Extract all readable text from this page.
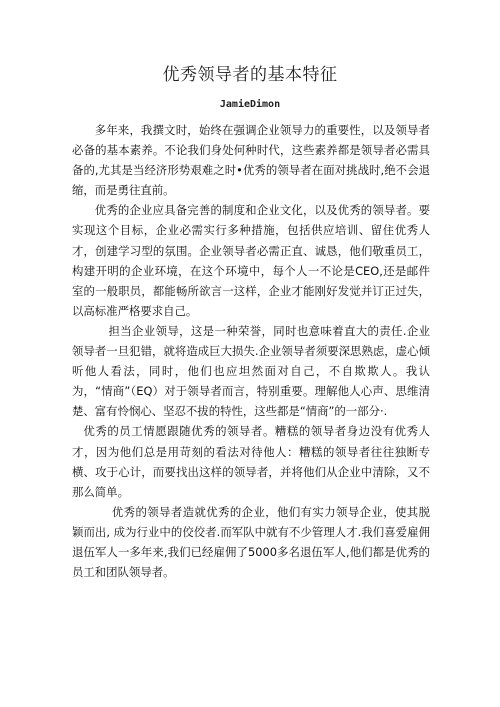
优秀领导者的基本特征
JamieDimon

多年来，我撰文时，始终在强调企业领导力的重要性，以及领导者必备的基本素养。不论我们身处何种时代，这些素养都是领导者必需具备的,尤其是当经济形势艰难之时•优秀的领导者在面对挑战时,绝不会退缩，而是勇往直前。

优秀的企业应具备完善的制度和企业文化，以及优秀的领导者。要实现这个目标，企业必需实行多种措施，包括供应培训、留住优秀人才，创建学习型的氛围。企业领导者必需正直、诚恳，他们敬重员工，构建开明的企业环境，在这个环境中，每个人一不论是CEO,还是邮件室的一般职员，都能畅所欲言一这样，企业才能刚好发觉并订正过失，以高标准严格要求自己。

担当企业领导，这是一种荣誉，同时也意味着直大的责任.企业领导者一旦犯错，就将造成巨大损失.企业领导者须要深思熟虑，虚心倾听他人看法，同时，他们也应坦然面对自己，不自欺欺人。我认为，“情商”（EQ）对于领导者而言，特别重要。理解他人心声、思维清楚、富有怜悯心、坚忍不拔的特性，这些都是“情商”的一部分·.

优秀的员工情愿跟随优秀的领导者。糟糕的领导者身边没有优秀人才，因为他们总是用苛刻的看法对待他人：糟糕的领导者往往独断专横、攻于心计，而要找出这样的领导者，并将他们从企业中清除，又不那么简单。

优秀的领导者造就优秀的企业，他们有实力领导企业，使其脱颖而出, 成为行业中的佼佼者.而军队中就有不少管理人才.我们喜爱雇佣退伍军人一多年来,我们已经雇佣了5000多名退伍军人,他们都是优秀的员工和团队领导者。
